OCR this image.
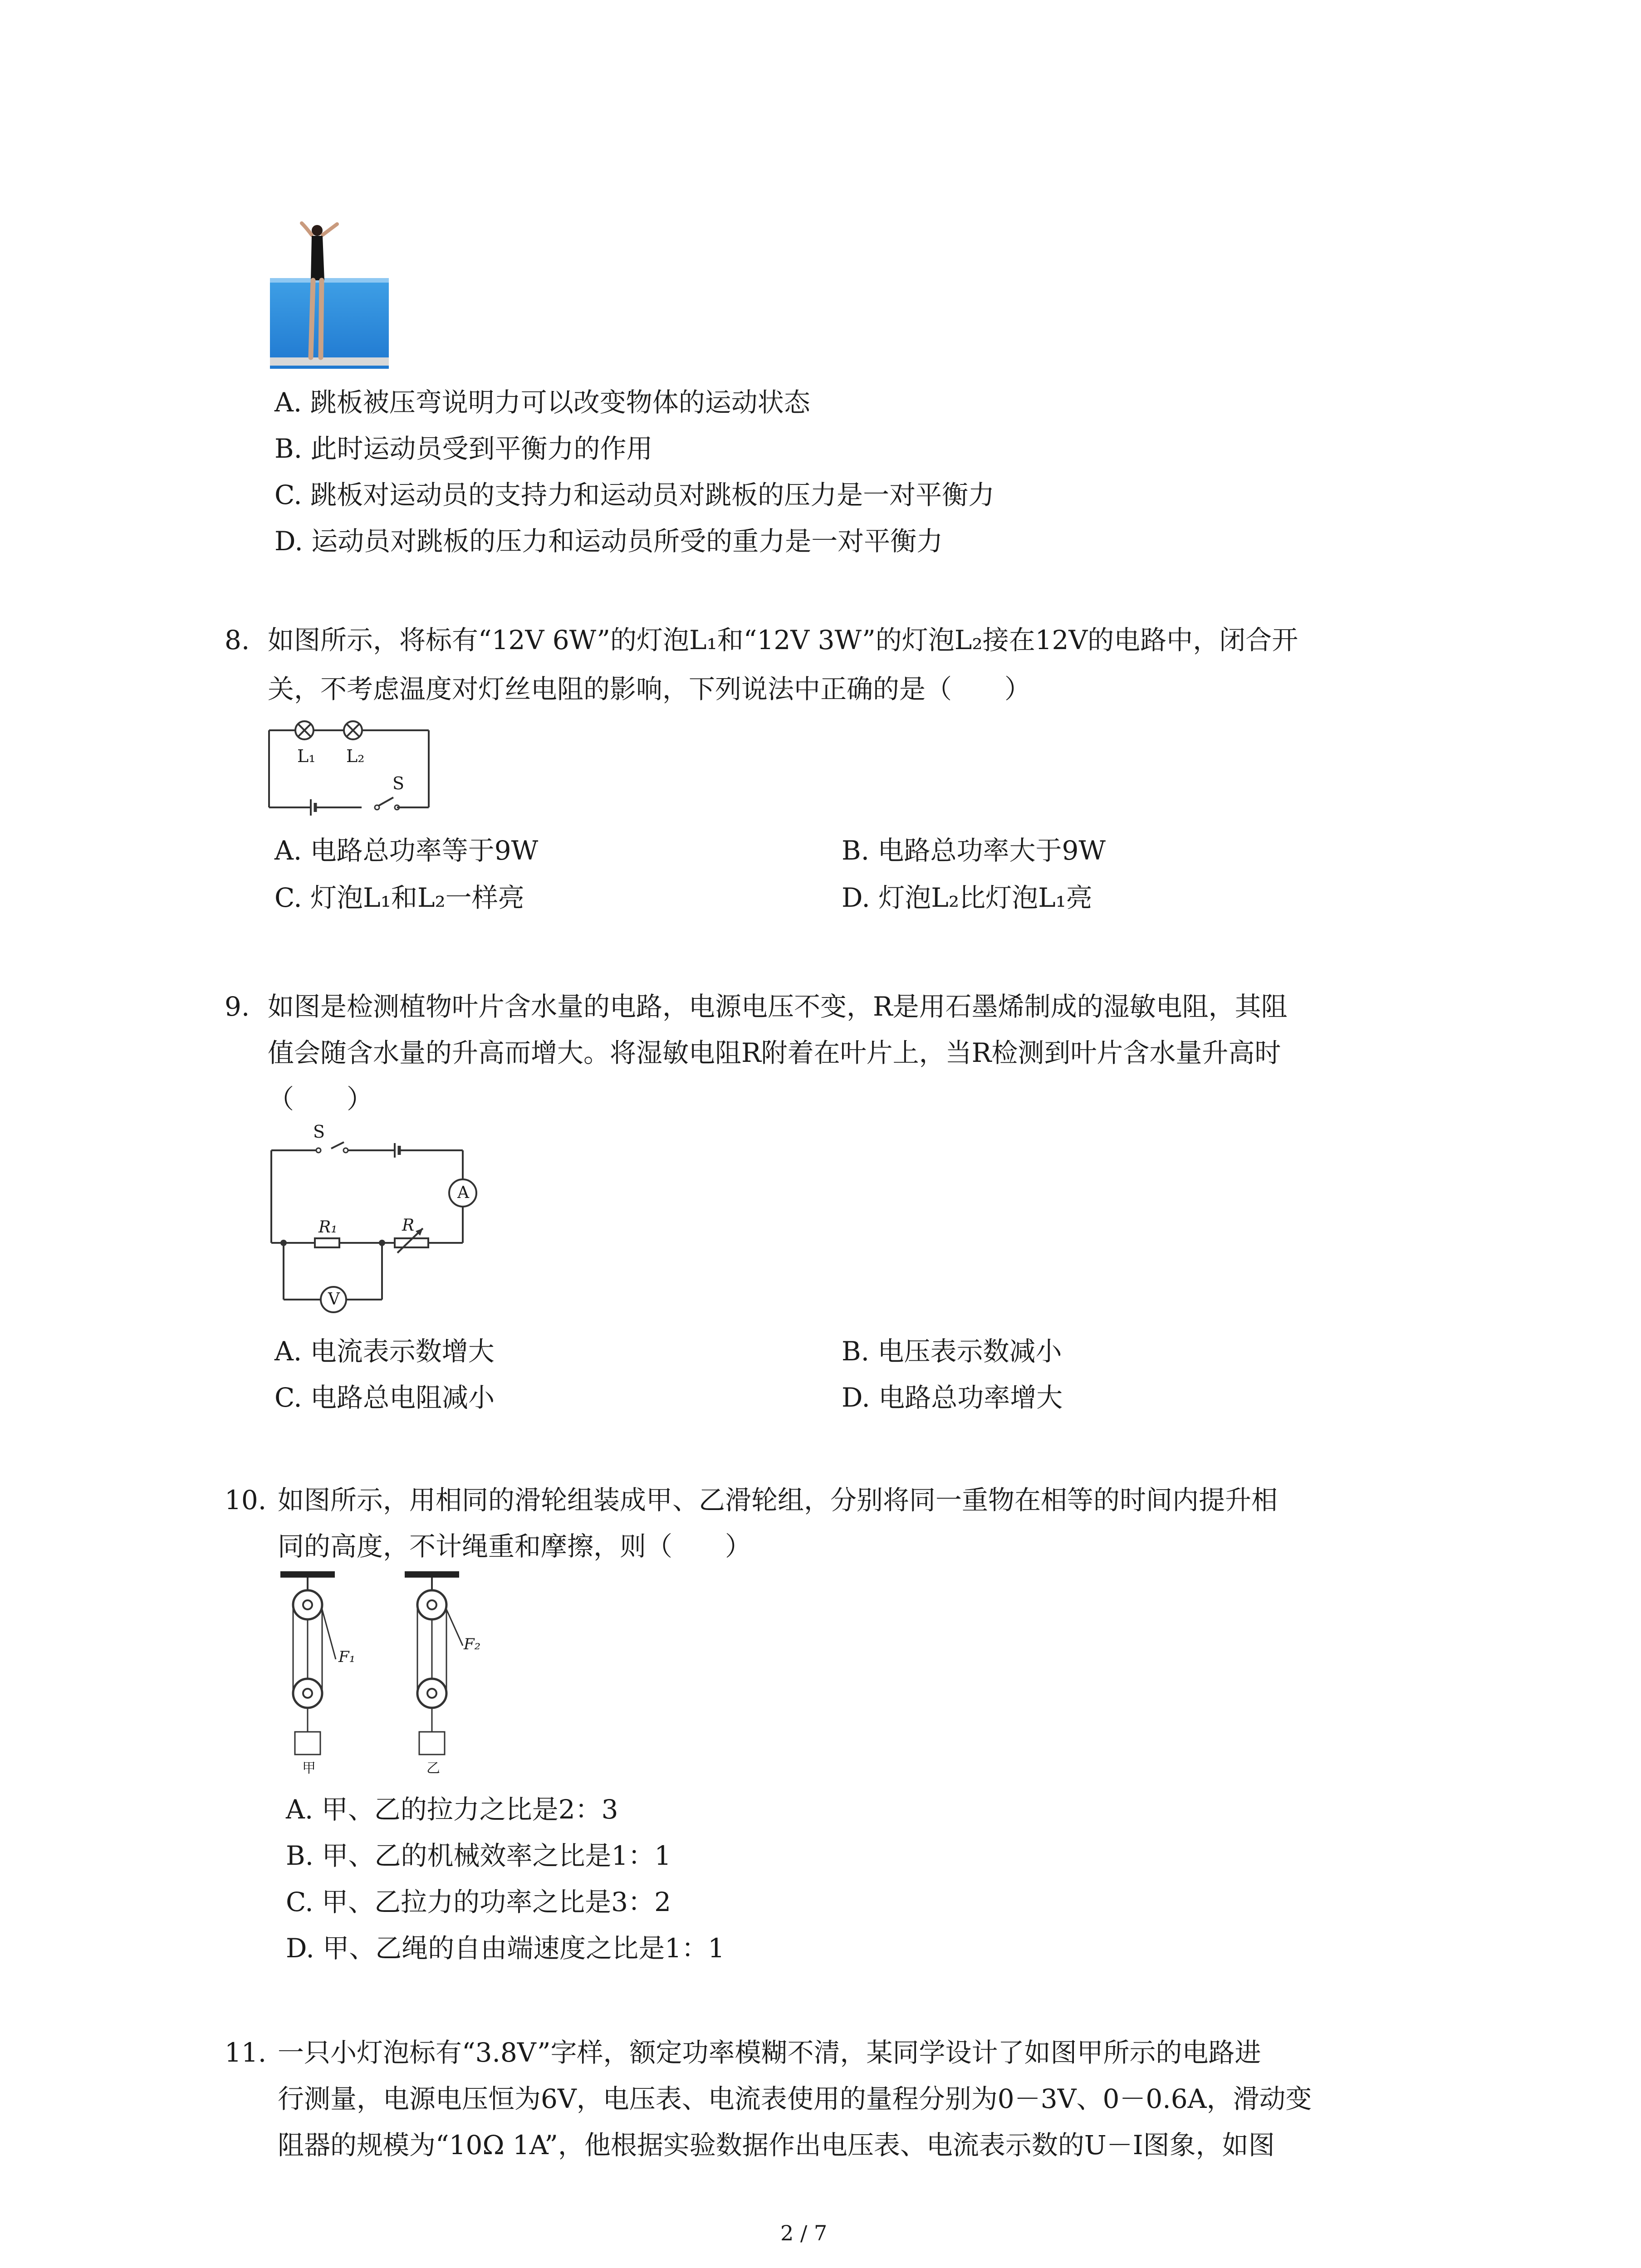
A. 跳板被压弯说明力可以改变物体的运动状态
B. 此时运动员受到平衡力的作用
C. 跳板对运动员的支持力和运动员对跳板的压力是一对平衡力
D. 运动员对跳板的压力和运动员所受的重力是一对平衡力
8. 如图所示，将标有“12V 6W”的灯泡L₁和“12V 3W”的灯泡L₂接在12V的电路中，闭合开
关，不考虑温度对灯丝电阻的影响，下列说法中正确的是（　　）
L₁ L₂
S
A. 电路总功率等于9W	B. 电路总功率大于9W
C. 灯泡L₁和L₂一样亮	D. 灯泡L₂比灯泡L₁亮
9. 如图是检测植物叶片含水量的电路，电源电压不变，R是用石墨烯制成的湿敏电阻，其阻
值会随含水量的升高而增大。将湿敏电阻R附着在叶片上，当R检测到叶片含水量升高时
（　　）
S
A
R₁	R
V
A. 电流表示数增大	B. 电压表示数减小
C. 电路总电阻减小	D. 电路总功率增大
10. 如图所示，用相同的滑轮组装成甲、乙滑轮组，分别将同一重物在相等的时间内提升相
同的高度，不计绳重和摩擦，则（　　）
F₁
F₂
甲	乙
A. 甲、乙的拉力之比是2：3
B. 甲、乙的机械效率之比是1：1
C. 甲、乙拉力的功率之比是3：2
D. 甲、乙绳的自由端速度之比是1：1
11. 一只小灯泡标有“3.8V”字样，额定功率模糊不清，某同学设计了如图甲所示的电路进
行测量，电源电压恒为6V，电压表、电流表使用的量程分别为0－3V、0－0.6A，滑动变
阻器的规模为“10Ω 1A”，他根据实验数据作出电压表、电流表示数的U－I图象，如图
2 / 7
